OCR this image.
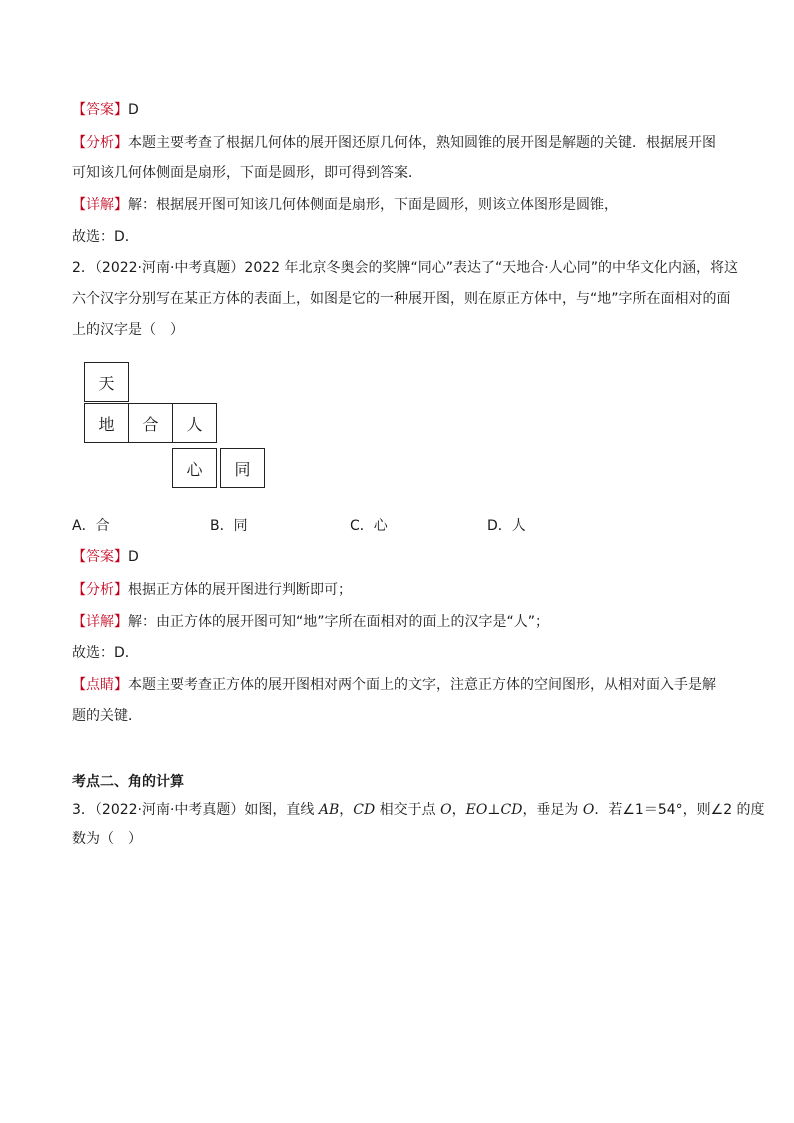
【答案】D
【分析】本题主要考查了根据几何体的展开图还原几何体，熟知圆锥的展开图是解题的关键．根据展开图
可知该几何体侧面是扇形，下面是圆形，即可得到答案．
【详解】解：根据展开图可知该几何体侧面是扇形，下面是圆形，则该立体图形是圆锥，
故选：D．
2．（2022·河南·中考真题）2022 年北京冬奥会的奖牌“同心”表达了“天地合·人心同”的中华文化内涵，将这
六个汉字分别写在某正方体的表面上，如图是它的一种展开图，则在原正方体中，与“地”字所在面相对的面
上的汉字是（　）
天
地	合	人
心	同
A．合	B．同	C．心	D．人
【答案】D
【分析】根据正方体的展开图进行判断即可；
【详解】解：由正方体的展开图可知“地”字所在面相对的面上的汉字是“人”；
故选：D．
【点睛】本题主要考查正方体的展开图相对两个面上的文字，注意正方体的空间图形，从相对面入手是解
题的关键．
考点二、角的计算
3．（2022·河南·中考真题）如图，直线 AB，CD 相交于点 O，EO⊥CD，垂足为 O．若∠1＝54°，则∠2 的度
数为（　）
